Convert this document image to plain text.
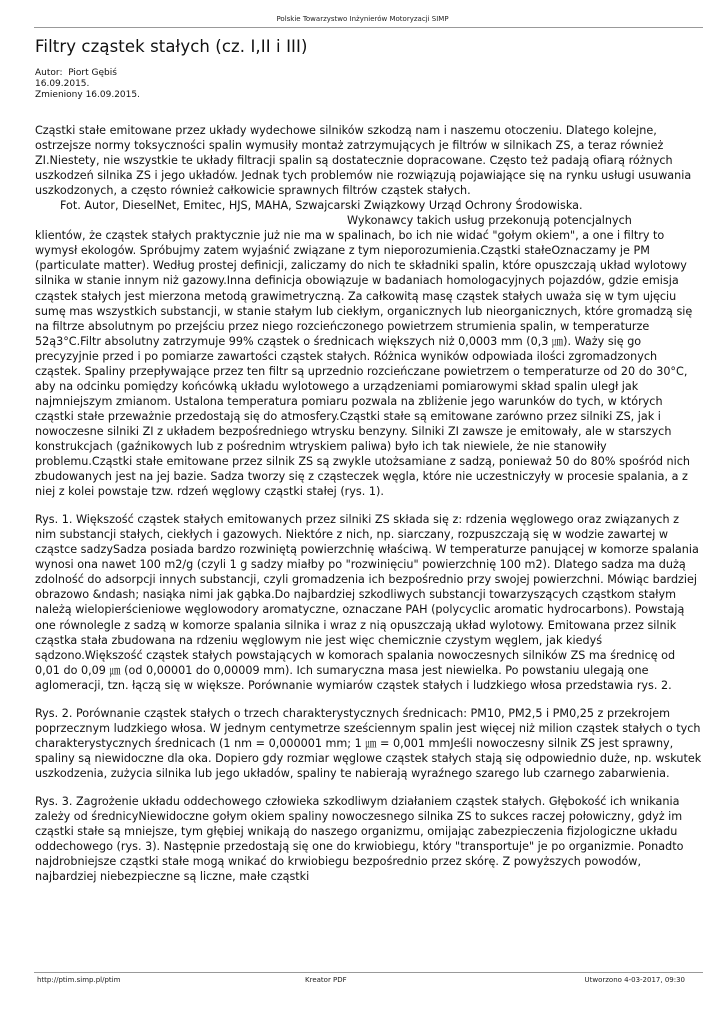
Polskie Towarzystwo Inżynierów Motoryzacji SIMP
Filtry cząstek stałych (cz. I,II i III)
Autor:  Piort Gębiś
16.09.2015.
Zmieniony 16.09.2015.

Cząstki stałe emitowane przez układy wydechowe silników szkodzą nam i naszemu otoczeniu. Dlatego kolejne, ostrzejsze normy toksyczności spalin wymusiły montaż zatrzymujących je filtrów w silnikach ZS, a teraz również ZI.Niestety, nie wszystkie te układy filtracji spalin są dostatecznie dopracowane. Często też padają ofiarą różnych uszkodzeń silnika ZS i jego układów. Jednak tych problemów nie rozwiązują pojawiające się na rynku usługi usuwania uszkodzonych, a często również całkowicie sprawnych filtrów cząstek stałych.

Fot. Autor, DieselNet, Emitec, HJS, MAHA, Szwajcarski Związkowy Urząd Ochrony Środowiska.

Wykonawcy takich usług przekonują potencjalnych

klientów, że cząstek stałych praktycznie już nie ma w spalinach, bo ich nie widać "gołym okiem", a one i filtry to wymysł ekologów. Spróbujmy zatem wyjaśnić związane z tym nieporozumienia.Cząstki stałeOznaczamy je PM (particulate matter). Według prostej definicji, zaliczamy do nich te składniki spalin, które opuszczają układ wylotowy silnika w stanie innym niż gazowy.Inna definicja obowiązuje w badaniach homologacyjnych pojazdów, gdzie emisja cząstek stałych jest mierzona metodą grawimetryczną. Za całkowitą masę cząstek stałych uważa się w tym ujęciu sumę mas wszystkich substancji, w stanie stałym lub ciekłym, organicznych lub nieorganicznych, które gromadzą się na filtrze absolutnym po przejściu przez niego rozcieńczonego powietrzem strumienia spalin, w temperaturze 52ą3°C.Filtr absolutny zatrzymuje 99% cząstek o średnicach większych niż 0,0003 mm (0,3 ㎛). Waży się go precyzyjnie przed i po pomiarze zawartości cząstek stałych. Różnica wyników odpowiada ilości zgromadzonych cząstek. Spaliny przepływające przez ten filtr są uprzednio rozcieńczane powietrzem o temperaturze od 20 do 30°C, aby na odcinku pomiędzy końcówką układu wylotowego a urządzeniami pomiarowymi skład spalin uległ jak najmniejszym zmianom. Ustalona temperatura pomiaru pozwala na zbliżenie jego warunków do tych, w których cząstki stałe przeważnie przedostają się do atmosfery.Cząstki stałe są emitowane zarówno przez silniki ZS, jak i nowoczesne silniki ZI z układem bezpośredniego wtrysku benzyny. Silniki ZI zawsze je emitowały, ale w starszych konstrukcjach (gaźnikowych lub z pośrednim wtryskiem paliwa) było ich tak niewiele, że nie stanowiły problemu.Cząstki stałe emitowane przez silnik ZS są zwykle utożsamiane z sadzą, ponieważ 50 do 80% spośród nich zbudowanych jest na jej bazie. Sadza tworzy się z cząsteczek węgla, które nie uczestniczyły w procesie spalania, a z niej z kolei powstaje tzw. rdzeń węglowy cząstki stałej (rys. 1).

Rys. 1. Większość cząstek stałych emitowanych przez silniki ZS składa się z: rdzenia węglowego oraz związanych z nim substancji stałych, ciekłych i gazowych. Niektóre z nich, np. siarczany, rozpuszczają się w wodzie zawartej w cząstce sadzySadza posiada bardzo rozwiniętą powierzchnię właściwą. W temperaturze panującej w komorze spalania wynosi ona nawet 100 m2/g (czyli 1 g sadzy miałby po "rozwinięciu" powierzchnię 100 m2). Dlatego sadza ma dużą zdolność do adsorpcji innych substancji, czyli gromadzenia ich bezpośrednio przy swojej powierzchni. Mówiąc bardziej obrazowo &ndash; nasiąka nimi jak gąbka.Do najbardziej szkodliwych substancji towarzyszących cząstkom stałym należą wielopierścieniowe węglowodory aromatyczne, oznaczane PAH (polycyclic aromatic hydrocarbons). Powstają one równolegle z sadzą w komorze spalania silnika i wraz z nią opuszczają układ wylotowy. Emitowana przez silnik cząstka stała zbudowana na rdzeniu węglowym nie jest więc chemicznie czystym węglem, jak kiedyś sądzono.Większość cząstek stałych powstających w komorach spalania nowoczesnych silników ZS ma średnicę od 0,01 do 0,09 ㎛ (od 0,00001 do 0,00009 mm). Ich sumaryczna masa jest niewielka. Po powstaniu ulegają one aglomeracji, tzn. łączą się w większe. Porównanie wymiarów cząstek stałych i ludzkiego włosa przedstawia rys. 2.

Rys. 2. Porównanie cząstek stałych o trzech charakterystycznych średnicach: PM10, PM2,5 i PM0,25 z przekrojem poprzecznym ludzkiego włosa. W jednym centymetrze sześciennym spalin jest więcej niż milion cząstek stałych o tych charakterystycznych średnicach (1 nm = 0,000001 mm; 1 ㎛ = 0,001 mmJeśli nowoczesny silnik ZS jest sprawny, spaliny są niewidoczne dla oka. Dopiero gdy rozmiar węglowe cząstek stałych stają się odpowiednio duże, np. wskutek uszkodzenia, zużycia silnika lub jego układów, spaliny te nabierają wyraźnego szarego lub czarnego zabarwienia.

Rys. 3. Zagrożenie układu oddechowego człowieka szkodliwym działaniem cząstek stałych. Głębokość ich wnikania zależy od średnicyNiewidoczne gołym okiem spaliny nowoczesnego silnika ZS to sukces raczej połowiczny, gdyż im cząstki stałe są mniejsze, tym głębiej wnikają do naszego organizmu, omijając zabezpieczenia fizjologiczne układu oddechowego (rys. 3). Następnie przedostają się one do krwiobiegu, który "transportuje" je po organizmie. Ponadto najdrobniejsze cząstki stałe mogą wnikać do krwiobiegu bezpośrednio przez skórę. Z powyższych powodów, najbardziej niebezpieczne są liczne, małe cząstki

http://ptim.simp.pl/ptim	Kreator PDF	Utworzono 4-03-2017, 09:30
